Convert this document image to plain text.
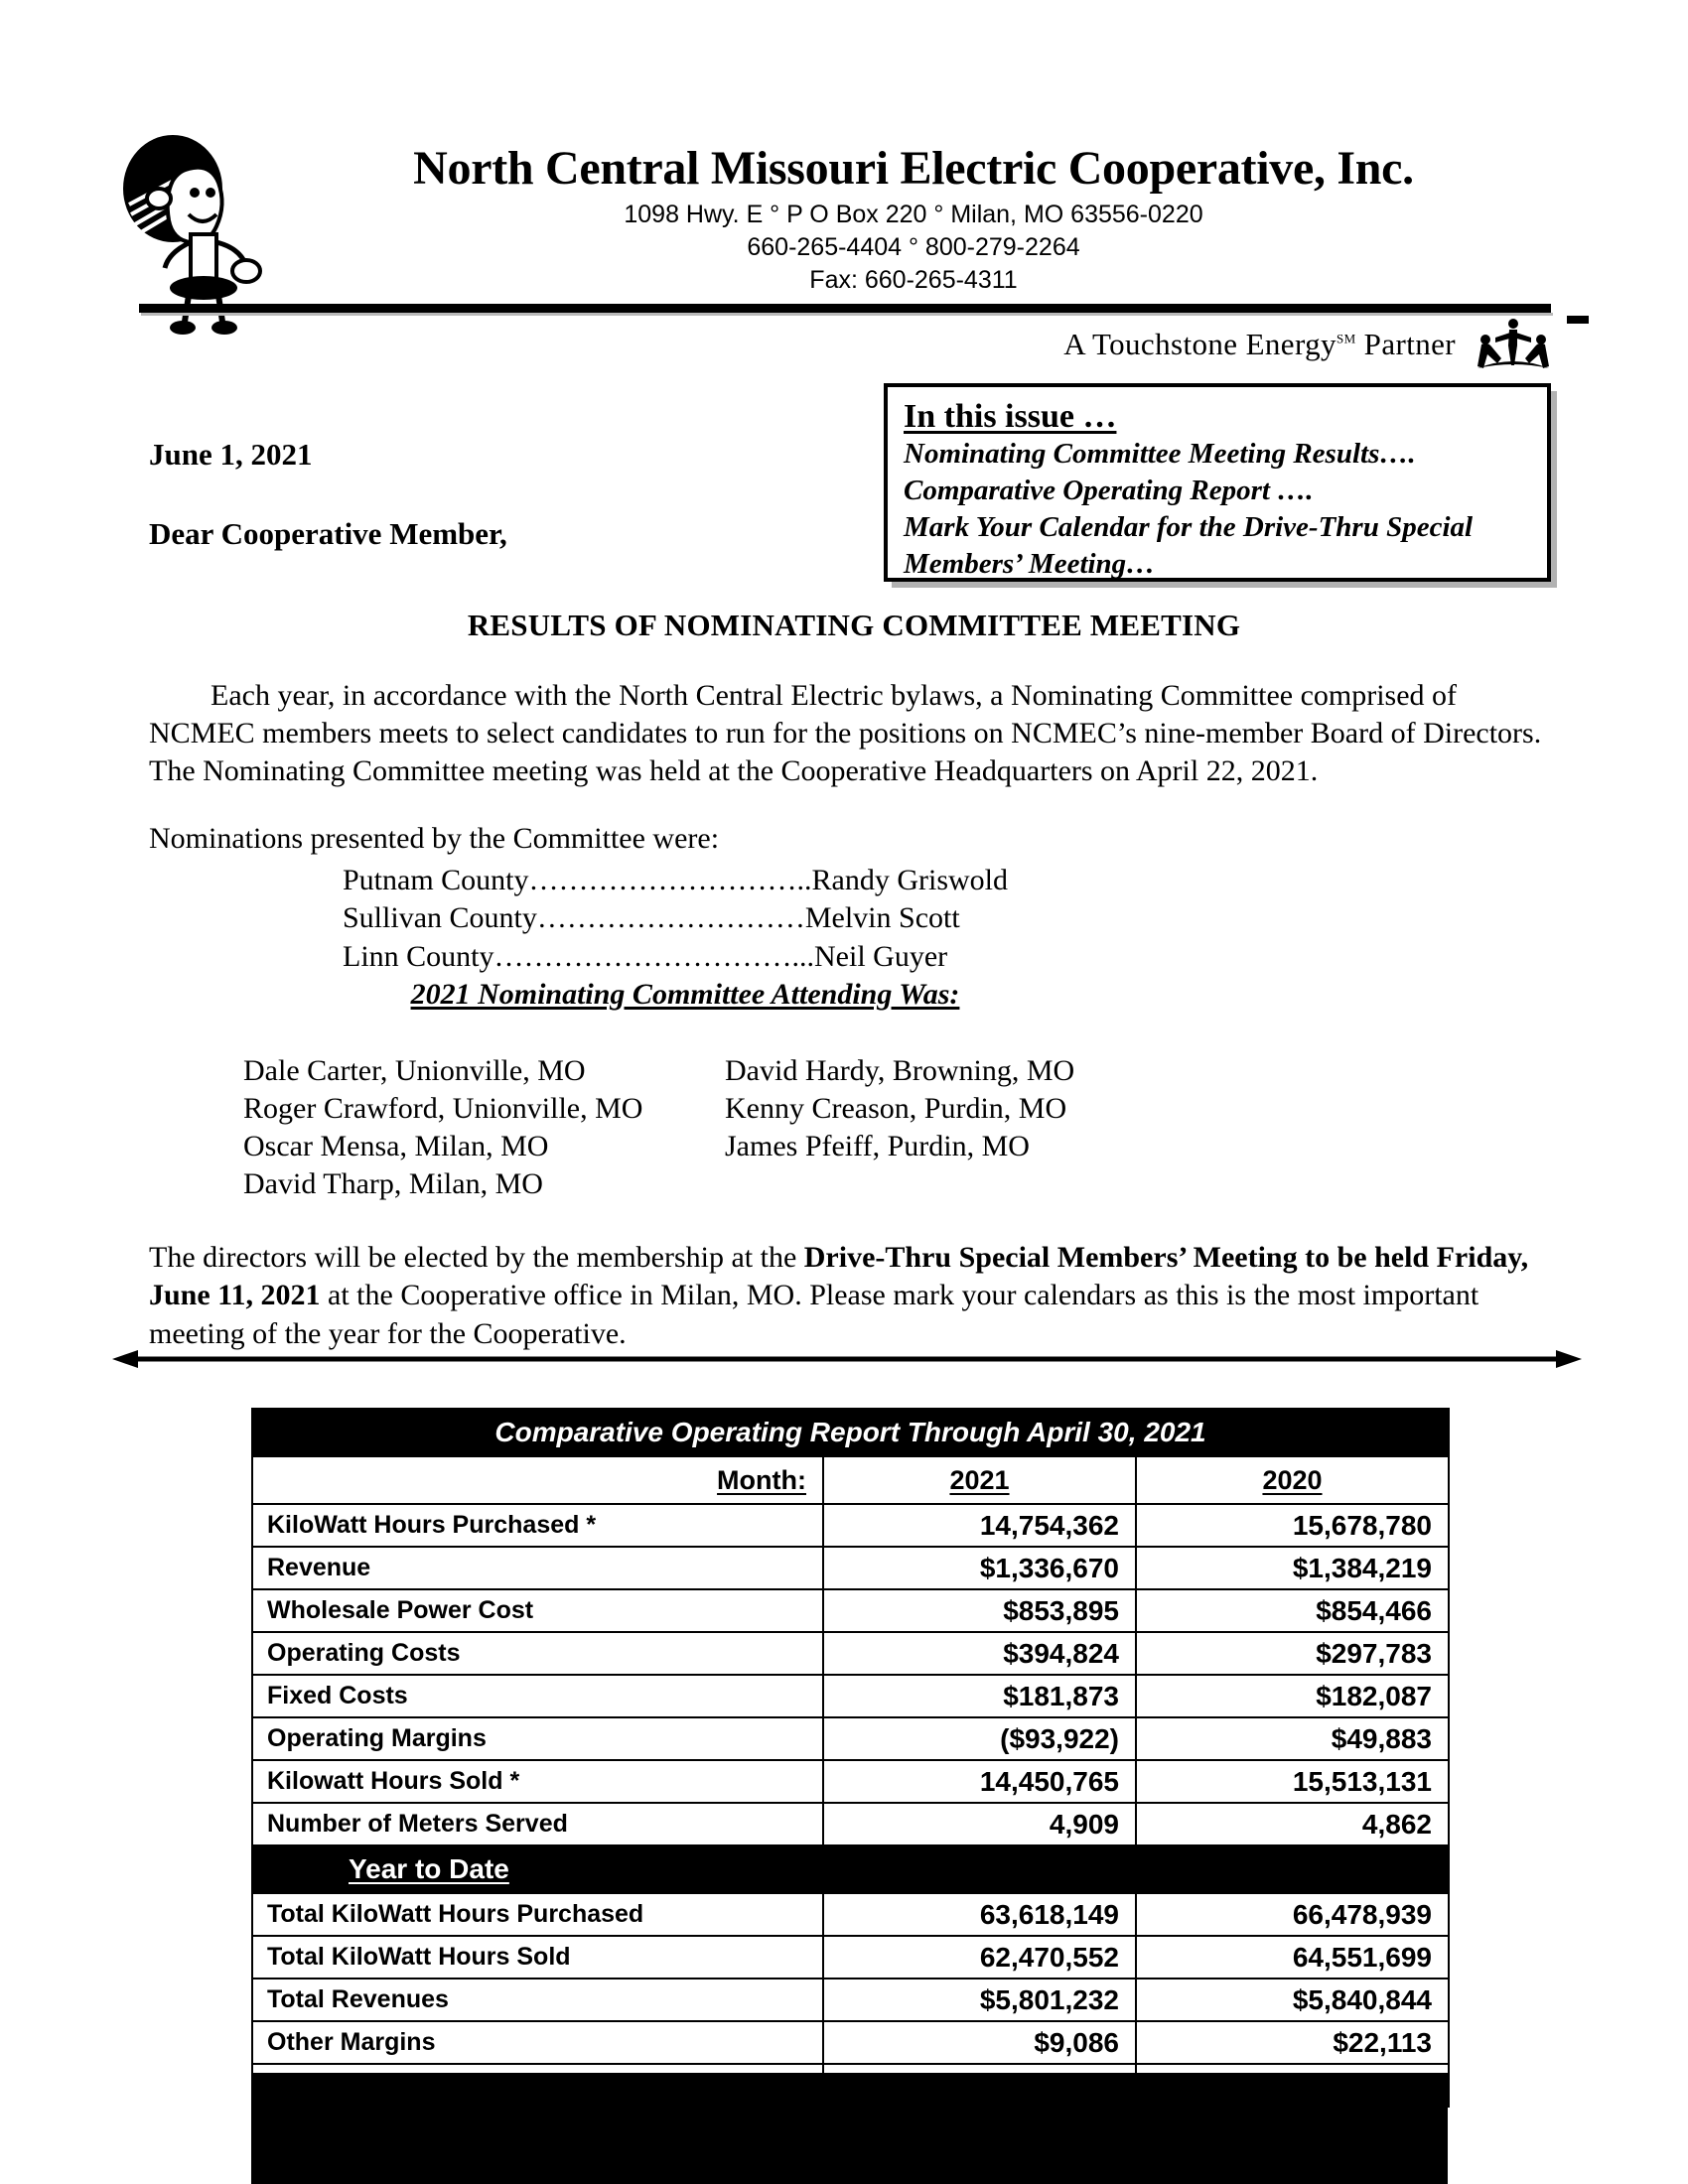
North Central Missouri Electric Cooperative, Inc.
1098 Hwy. E ° P O Box 220 ° Milan, MO 63556-0220
660-265-4404 ° 800-279-2264
Fax: 660-265-4311
A Touchstone Energy℠ Partner
In this issue …
Nominating Committee Meeting Results….
Comparative Operating Report ….
Mark Your Calendar for the Drive-Thru Special
Members’ Meeting…
June 1, 2021
Dear Cooperative Member,
RESULTS OF NOMINATING COMMITTEE MEETING
Each year, in accordance with the North Central Electric bylaws, a Nominating Committee comprised of NCMEC members meets to select candidates to run for the positions on NCMEC’s nine-member Board of Directors. The Nominating Committee meeting was held at the Cooperative Headquarters on April 22, 2021.
Nominations presented by the Committee were:
Putnam County………………………..Randy Griswold
Sullivan County………………………Melvin Scott
Linn County…………………………...Neil Guyer
2021 Nominating Committee Attending Was:
Dale Carter, Unionville, MO	David Hardy, Browning, MO
Roger Crawford, Unionville, MO	Kenny Creason, Purdin, MO
Oscar Mensa, Milan, MO	James Pfeiff, Purdin, MO
David Tharp, Milan, MO
The directors will be elected by the membership at the Drive-Thru Special Members’ Meeting to be held Friday, June 11, 2021 at the Cooperative office in Milan, MO. Please mark your calendars as this is the most important meeting of the year for the Cooperative.
Comparative Operating Report Through April 30, 2021		
Month:	2021	2020
KiloWatt Hours Purchased *	14,754,362	15,678,780
Revenue	$1,336,670	$1,384,219
Wholesale Power Cost	$853,895	$854,466
Operating Costs	$394,824	$297,783
Fixed Costs	$181,873	$182,087
Operating Margins	($93,922)	$49,883
Kilowatt Hours Sold *	14,450,765	15,513,131
Number of Meters Served	4,909	4,862
Year to Date		
Total KiloWatt Hours Purchased	63,618,149	66,478,939
Total KiloWatt Hours Sold	62,470,552	64,551,699
Total Revenues	$5,801,232	$5,840,844
Other Margins	$9,086	$22,113
